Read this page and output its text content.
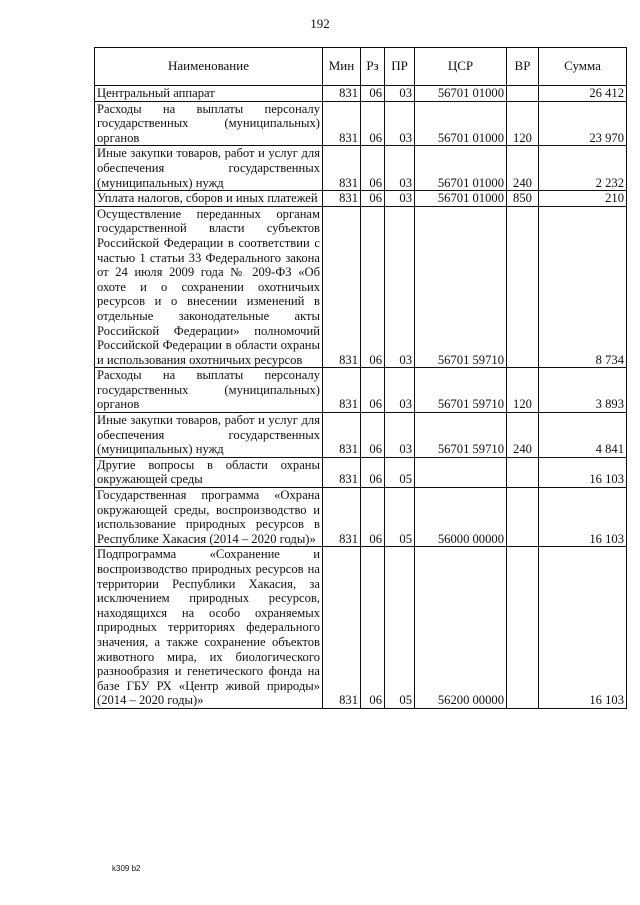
192
Наименование	Мин	Рз	ПР	ЦСР	ВР	Сумма
Центральный аппарат	831	06	03	56701 01000		26 412
Расходы на выплаты персоналу государственных (муниципальных) органов	831	06	03	56701 01000	120	23 970
Иные закупки товаров, работ и услуг для обеспечения государственных (муниципальных) нужд	831	06	03	56701 01000	240	2 232
Уплата налогов, сборов и иных платежей	831	06	03	56701 01000	850	210
Осуществление переданных органам государственной власти субъектов Российской Федерации в соответствии с частью 1 статьи 33 Федерального закона от 24 июля 2009 года № 209-ФЗ «Об охоте и о сохранении охотничьих ресурсов и о внесении изменений в отдельные законодательные акты Российской Федерации» полномочий Российской Федерации в области охраны и использования охотничьих ресурсов	831	06	03	56701 59710		8 734
Расходы на выплаты персоналу государственных (муниципальных) органов	831	06	03	56701 59710	120	3 893
Иные закупки товаров, работ и услуг для обеспечения государственных (муниципальных) нужд	831	06	03	56701 59710	240	4 841
Другие вопросы в области охраны окружающей среды	831	06	05			16 103
Государственная программа «Охрана окружающей среды, воспроизводство и использование природных ресурсов в Республике Хакасия (2014 – 2020 годы)»	831	06	05	56000 00000		16 103
Подпрограмма «Сохранение и воспроизводство природных ресурсов на территории Республики Хакасия, за исключением природных ресурсов, находящихся на особо охраняемых природных территориях федерального значения, а также сохранение объектов животного мира, их биологического разнообразия и генетического фонда на базе ГБУ РХ «Центр живой природы» (2014 – 2020 годы)»	831	06	05	56200 00000		16 103
k309 b2
